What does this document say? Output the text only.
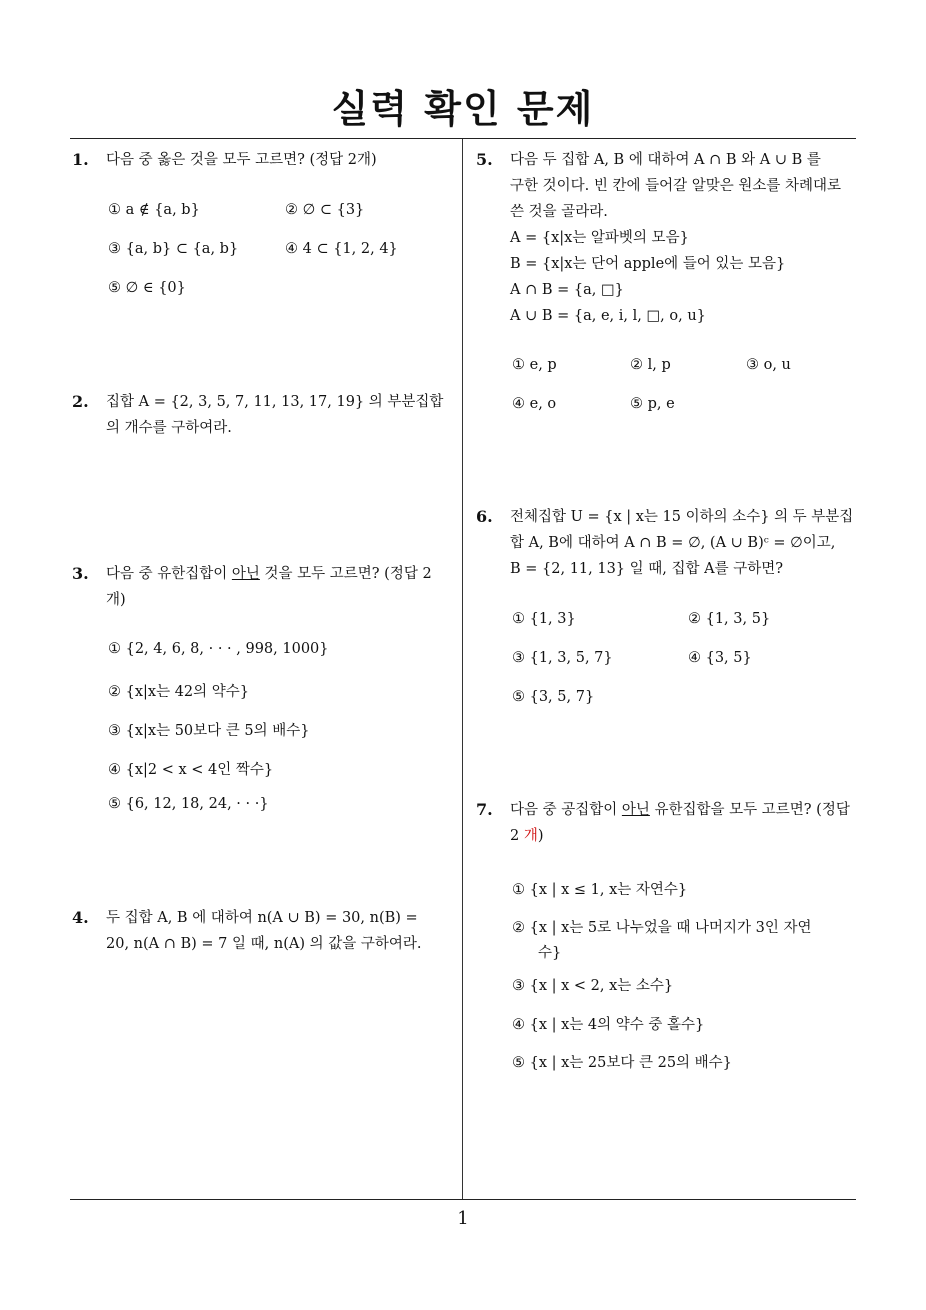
실력 확인 문제
1
1. 다음 중 옳은 것을 모두 고르면? (정답 2개)
① a ∉ {a, b}	② ∅ ⊂ {3}
③ {a, b} ⊂ {a, b}	④ 4 ⊂ {1, 2, 4}
⑤ ∅ ∈ {0}
2. 집합 A = {2, 3, 5, 7, 11, 13, 17, 19} 의 부분집합
의 개수를 구하여라.
3. 다음 중 유한집합이 아닌 것을 모두 고르면? (정답 2
개)
① {2, 4, 6, 8, · · · , 998, 1000}
② {x|x는 42의 약수}
③ {x|x는 50보다 큰 5의 배수}
④ {x|2 < x < 4인 짝수}
⑤ {6, 12, 18, 24, · · ·}
4. 두 집합 A, B 에 대하여 n(A ∪ B) = 30, n(B) =
20, n(A ∩ B) = 7 일 때, n(A) 의 값을 구하여라.
5. 다음 두 집합 A, B 에 대하여 A ∩ B 와 A ∪ B 를
구한 것이다. 빈 칸에 들어갈 알맞은 원소를 차례대로
쓴 것을 골라라.
A = {x|x는 알파벳의 모음}
B = {x|x는 단어 apple에 들어 있는 모음}
A ∩ B = {a, □}
A ∪ B = {a, e, i, l, □, o, u}
① e, p	② l, p	③ o, u
④ e, o	⑤ p, e
6. 전체집합 U = {x | x는 15 이하의 소수} 의 두 부분집
합 A, B에 대하여 A ∩ B = ∅, (A ∪ B)ᶜ = ∅이고,
B = {2, 11, 13} 일 때, 집합 A를 구하면?
① {1, 3}	② {1, 3, 5}
③ {1, 3, 5, 7}	④ {3, 5}
⑤ {3, 5, 7}
7. 다음 중 공집합이 아닌 유한집합을 모두 고르면? (정답
2 개)
① {x | x ≤ 1, x는 자연수}
② {x | x는 5로 나누었을 때 나머지가 3인 자연
수}
③ {x | x < 2, x는 소수}
④ {x | x는 4의 약수 중 홀수}
⑤ {x | x는 25보다 큰 25의 배수}
